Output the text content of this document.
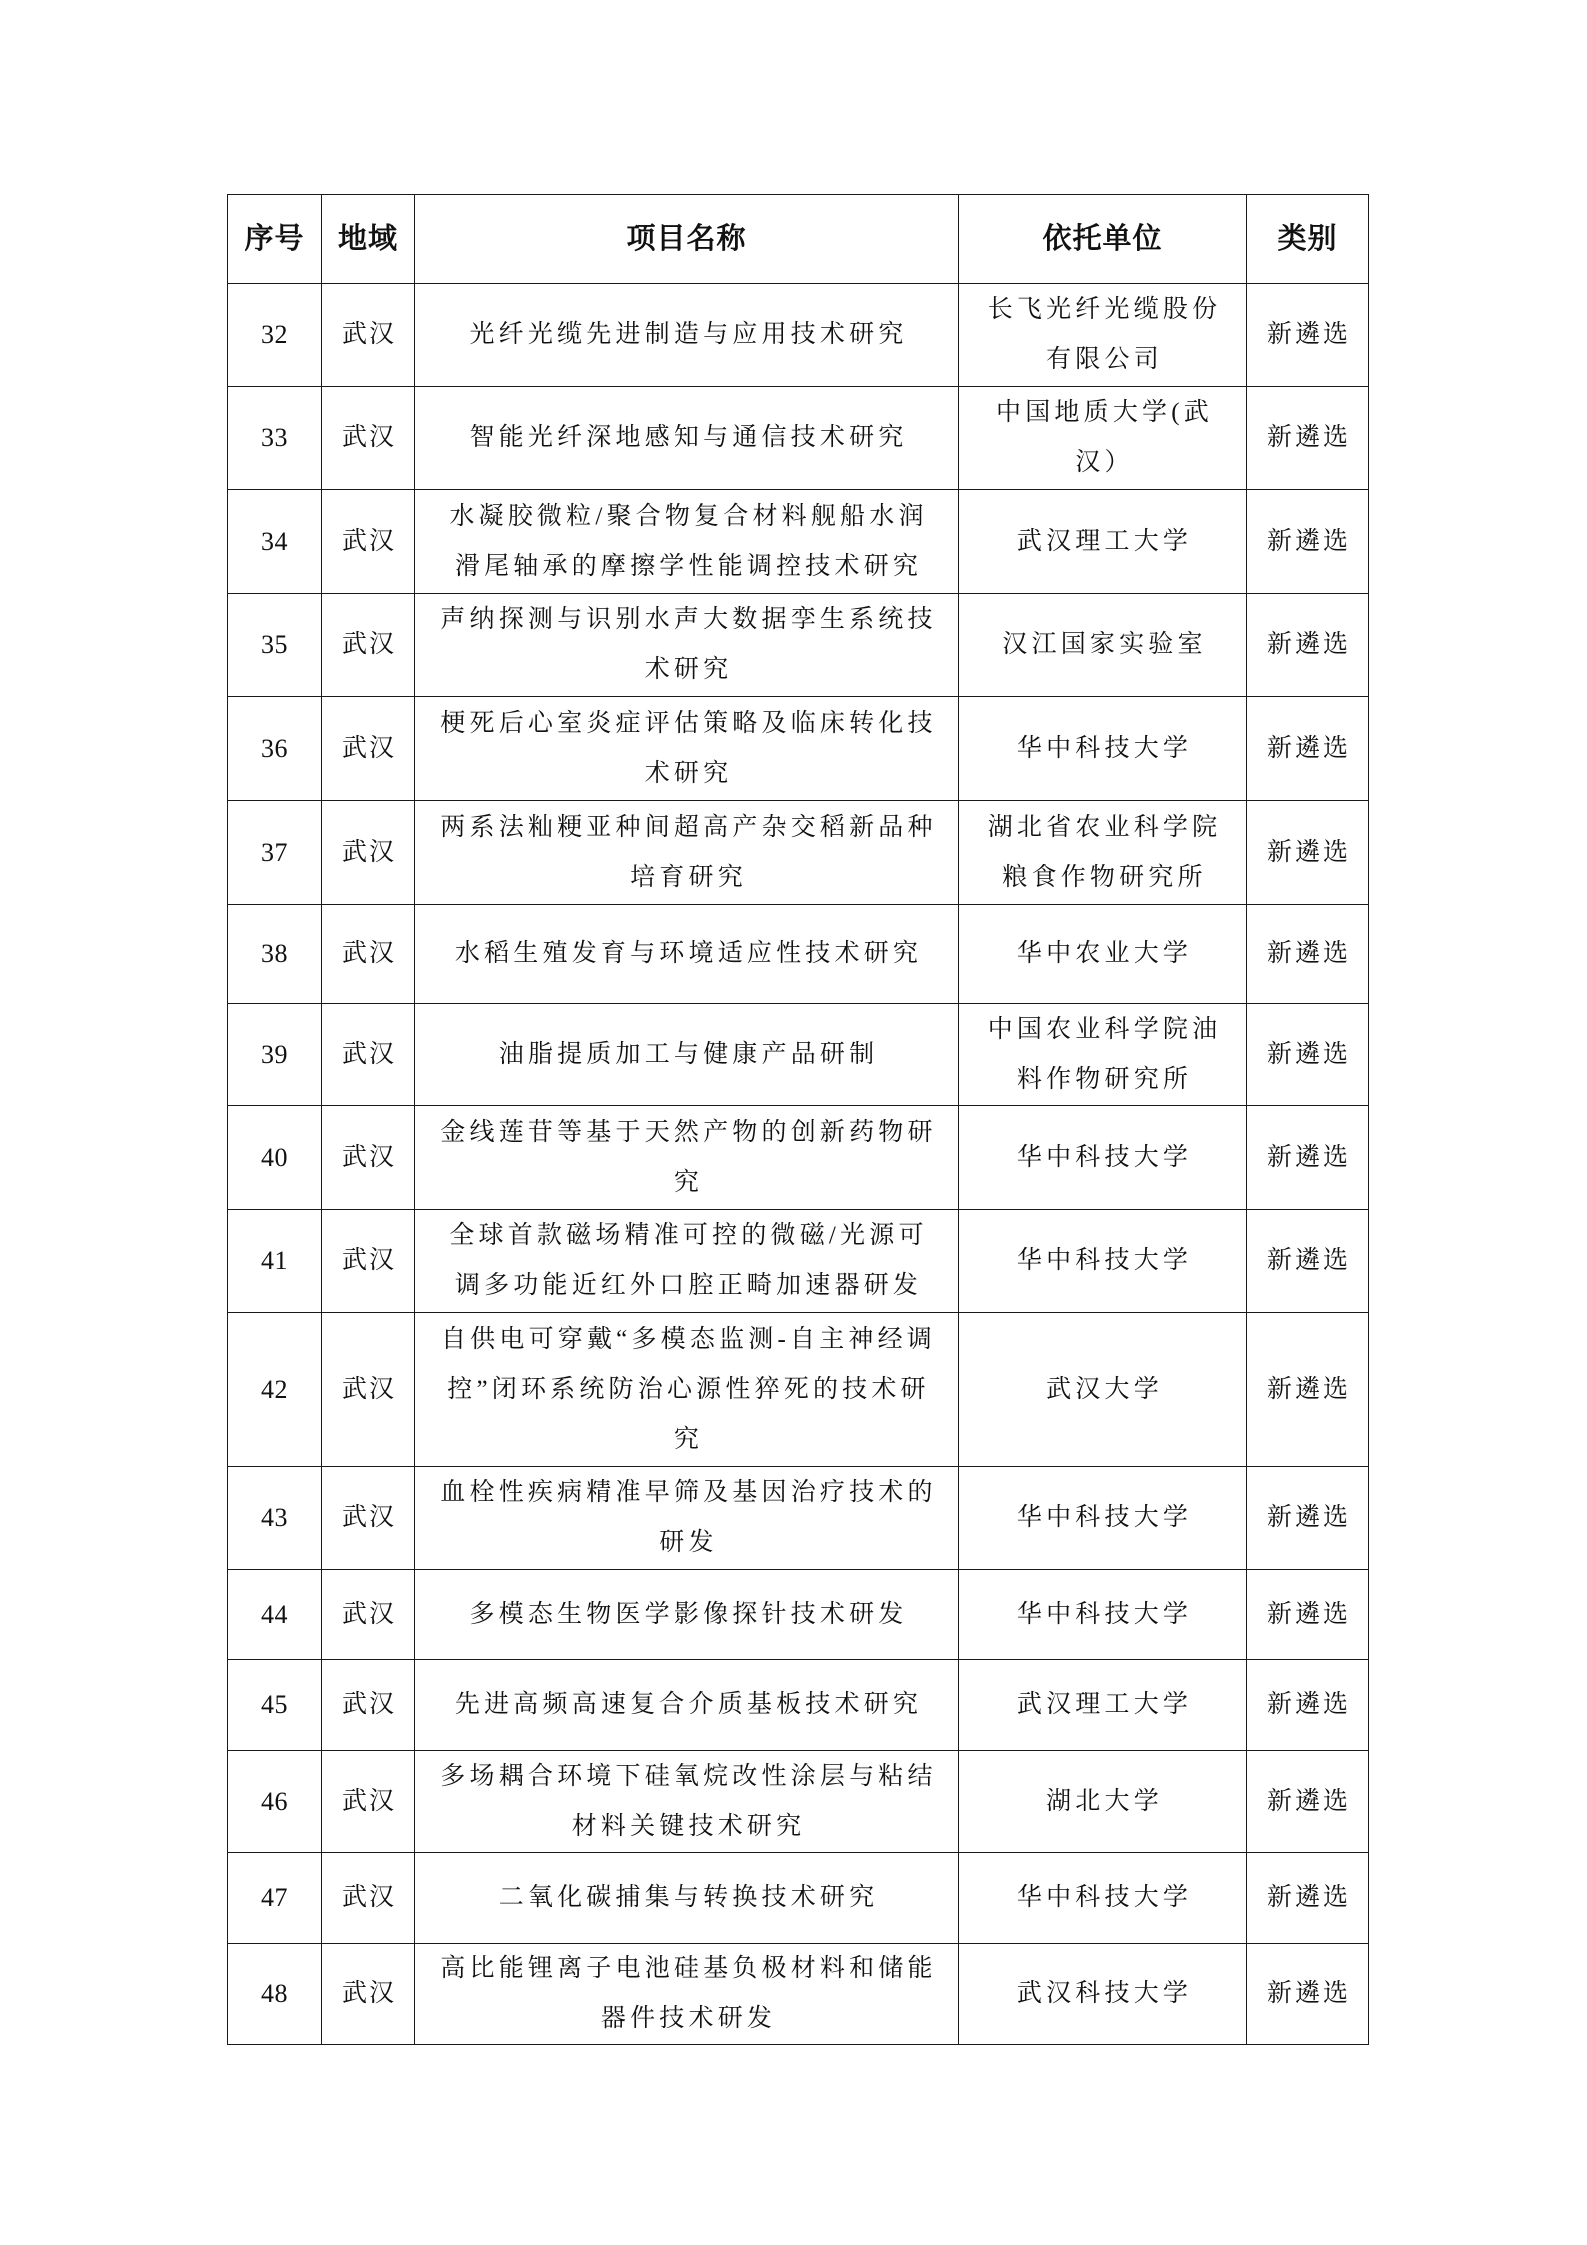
序号	地域	项目名称	依托单位	类别
32	武汉	光纤光缆先进制造与应用技术研究	长飞光纤光缆股份有限公司	新遴选
33	武汉	智能光纤深地感知与通信技术研究	中国地质大学(武汉）	新遴选
34	武汉	水凝胶微粒/聚合物复合材料舰船水润滑尾轴承的摩擦学性能调控技术研究	武汉理工大学	新遴选
35	武汉	声纳探测与识别水声大数据孪生系统技术研究	汉江国家实验室	新遴选
36	武汉	梗死后心室炎症评估策略及临床转化技术研究	华中科技大学	新遴选
37	武汉	两系法籼粳亚种间超高产杂交稻新品种培育研究	湖北省农业科学院粮食作物研究所	新遴选
38	武汉	水稻生殖发育与环境适应性技术研究	华中农业大学	新遴选
39	武汉	油脂提质加工与健康产品研制	中国农业科学院油料作物研究所	新遴选
40	武汉	金线莲苷等基于天然产物的创新药物研究	华中科技大学	新遴选
41	武汉	全球首款磁场精准可控的微磁/光源可调多功能近红外口腔正畸加速器研发	华中科技大学	新遴选
42	武汉	自供电可穿戴“多模态监测-自主神经调控”闭环系统防治心源性猝死的技术研究	武汉大学	新遴选
43	武汉	血栓性疾病精准早筛及基因治疗技术的研发	华中科技大学	新遴选
44	武汉	多模态生物医学影像探针技术研发	华中科技大学	新遴选
45	武汉	先进高频高速复合介质基板技术研究	武汉理工大学	新遴选
46	武汉	多场耦合环境下硅氧烷改性涂层与粘结材料关键技术研究	湖北大学	新遴选
47	武汉	二氧化碳捕集与转换技术研究	华中科技大学	新遴选
48	武汉	高比能锂离子电池硅基负极材料和储能器件技术研发	武汉科技大学	新遴选
